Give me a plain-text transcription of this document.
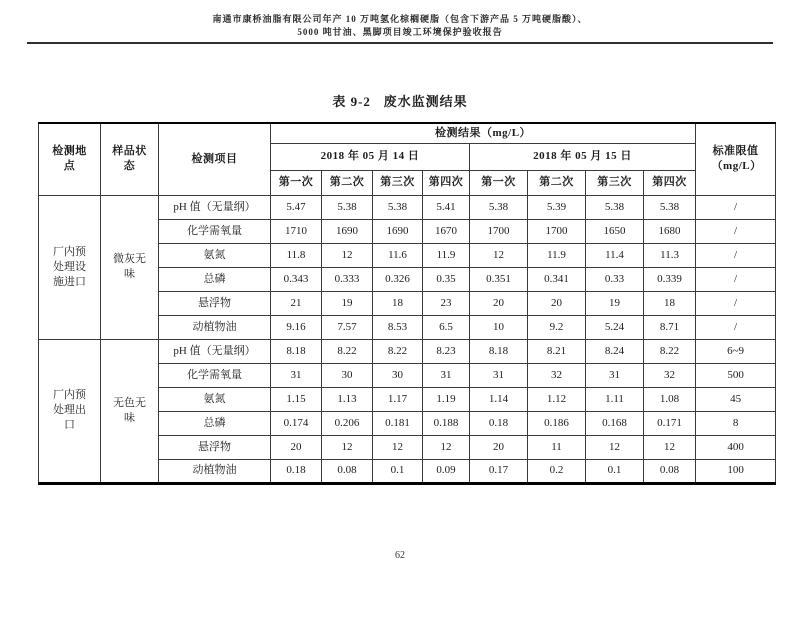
南通市康桥油脂有限公司年产 10 万吨氢化棕榈硬脂（包含下游产品 5 万吨硬脂酸）、
5000 吨甘油、黑脚项目竣工环境保护验收报告
表 9-2   废水监测结果
检测地点	样品状态	检测项目	检测结果（mg/L）								标准限值（mg/L）
			2018 年 05 月 14 日				2018 年 05 月 15 日				
			第一次	第二次	第三次	第四次	第一次	第二次	第三次	第四次	
厂内预处理设施进口	微灰无味	pH 值（无量纲）	5.47	5.38	5.38	5.41	5.38	5.39	5.38	5.38	/
		化学需氧量	1710	1690	1690	1670	1700	1700	1650	1680	/
		氨氮	11.8	12	11.6	11.9	12	11.9	11.4	11.3	/
		总磷	0.343	0.333	0.326	0.35	0.351	0.341	0.33	0.339	/
		悬浮物	21	19	18	23	20	20	19	18	/
		动植物油	9.16	7.57	8.53	6.5	10	9.2	5.24	8.71	/
厂内预处理出口	无色无味	pH 值（无量纲）	8.18	8.22	8.22	8.23	8.18	8.21	8.24	8.22	6~9
		化学需氧量	31	30	30	31	31	32	31	32	500
		氨氮	1.15	1.13	1.17	1.19	1.14	1.12	1.11	1.08	45
		总磷	0.174	0.206	0.181	0.188	0.18	0.186	0.168	0.171	8
		悬浮物	20	12	12	12	20	11	12	12	400
		动植物油	0.18	0.08	0.1	0.09	0.17	0.2	0.1	0.08	100
62
